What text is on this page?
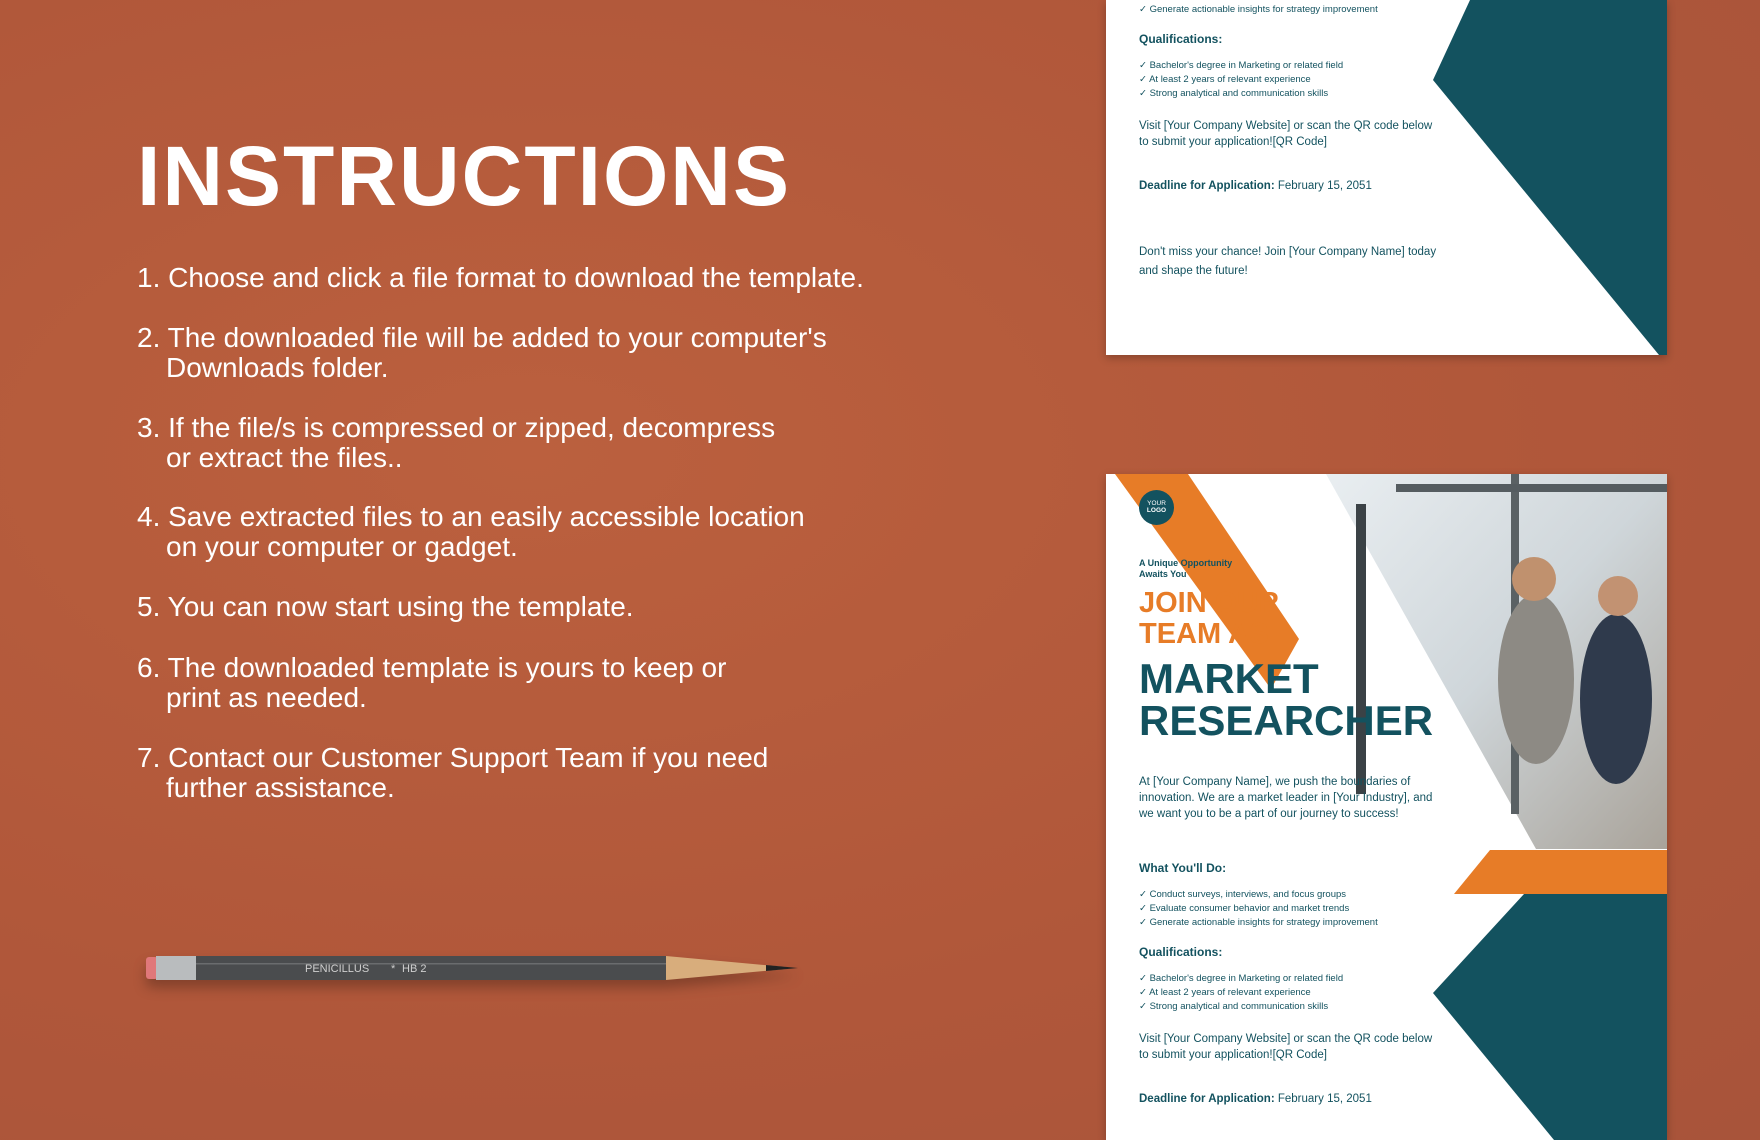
INSTRUCTIONS
1. Choose and click a file format to download the template.
2. The downloaded file will be added to your computer's
Downloads folder.
3. If the file/s is compressed or zipped, decompress
or extract the files..
4. Save extracted files to an easily accessible location
on your computer or gadget.
5. You can now start using the template.
6. The downloaded template is yours to keep or
print as needed.
7. Contact our Customer Support Team if you need
further assistance.
PENICILLUS * HB 2
✓ Generate actionable insights for strategy improvement
Qualifications:
✓ Bachelor's degree in Marketing or related field
✓ At least 2 years of relevant experience
✓ Strong analytical and communication skills
Visit [Your Company Website] or scan the QR code below to submit your application![QR Code]
Deadline for Application: February 15, 2051
Don't miss your chance! Join [Your Company Name] today and shape the future!
YOUR
LOGO
A Unique Opportunity
Awaits You
JOIN OUR
TEAM AS
MARKET
RESEARCHER
At [Your Company Name], we push the boundaries of innovation. We are a market leader in [Your Industry], and we want you to be a part of our journey to success!
What You'll Do:
✓ Conduct surveys, interviews, and focus groups
✓ Evaluate consumer behavior and market trends
✓ Generate actionable insights for strategy improvement
Qualifications:
✓ Bachelor's degree in Marketing or related field
✓ At least 2 years of relevant experience
✓ Strong analytical and communication skills
Visit [Your Company Website] or scan the QR code below to submit your application![QR Code]
Deadline for Application: February 15, 2051
